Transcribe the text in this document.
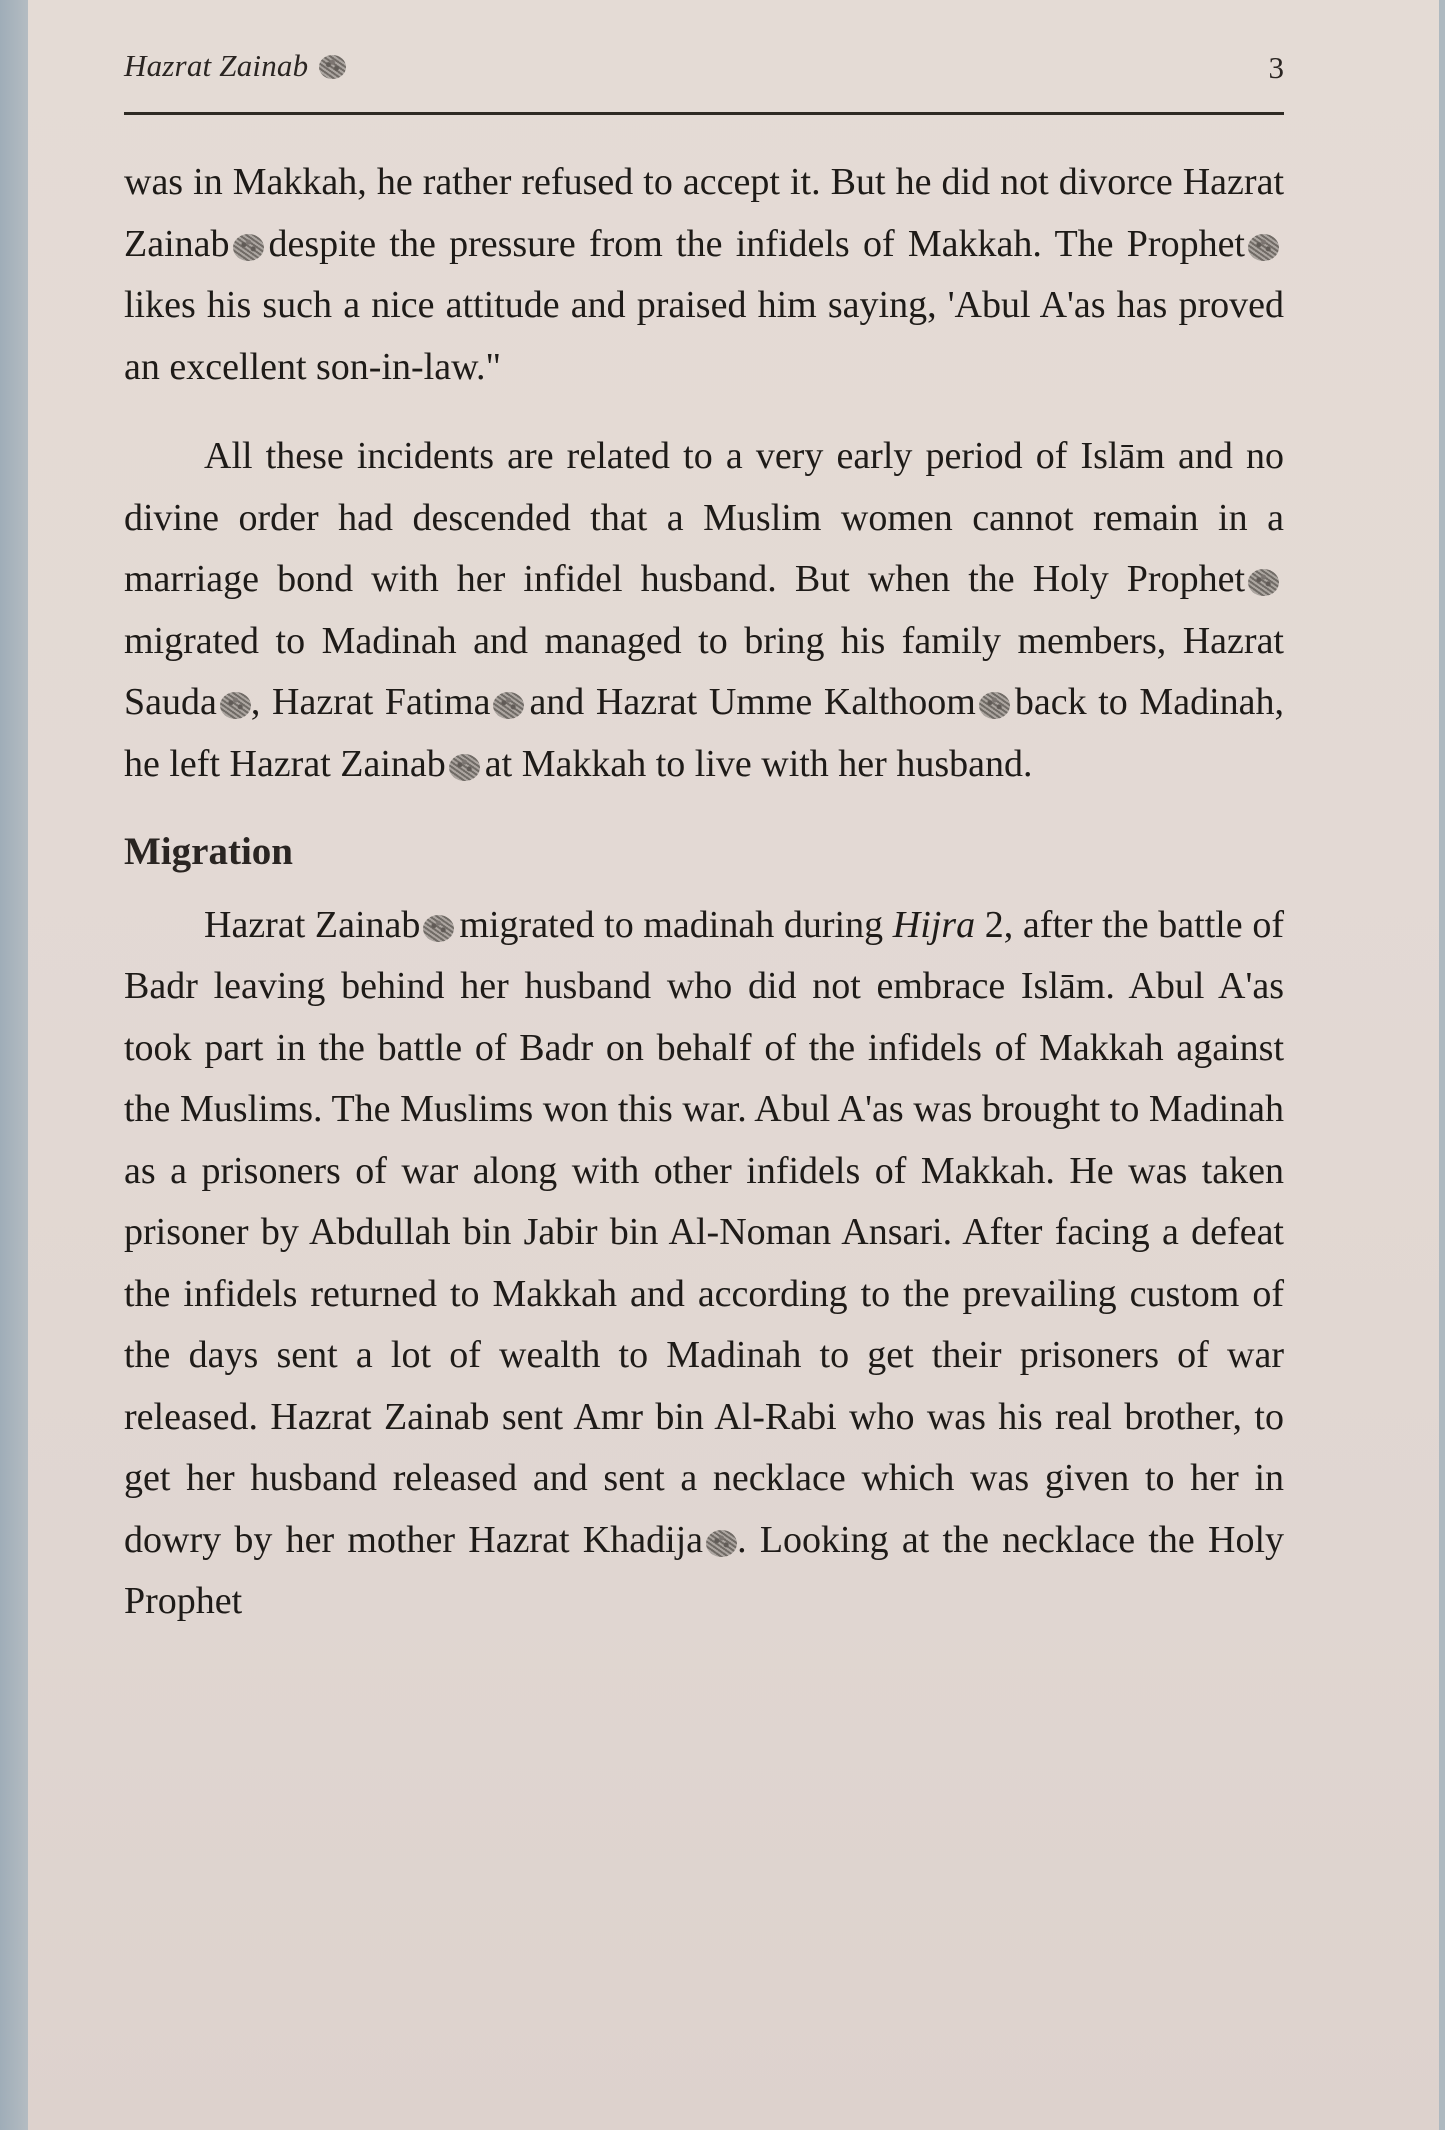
Hazrat Zainab	3

was in Makkah, he rather refused to accept it. But he did not divorce Hazrat Zainab despite the pressure from the infidels of Makkah. The Prophetlikes his such a nice attitude and praised him saying, 'Abul A'as has proved an excellent son-in-law."

All these incidents are related to a very early period of Islām and no divine order had descended that a Muslim women cannot remain in a marriage bond with her infidel husband. But when the Holy Prophetmigrated to Madinah and managed to bring his family members, Hazrat Sauda , Hazrat Fatima and Hazrat Umme Kalthoom back to Madinah, he left Hazrat Zainab at Makkah to live with her husband.

Migration

Hazrat Zainab migrated to madinah during Hijra 2, after the battle of Badr leaving behind her husband who did not embrace Islām. Abul A'as took part in the battle of Badr on behalf of the infidels of Makkah against the Muslims. The Muslims won this war. Abul A'as was brought to Madinah as a prisoners of war along with other infidels of Makkah. He was taken prisoner by Abdullah bin Jabir bin Al-Noman Ansari. After facing a defeat the infidels returned to Makkah and according to the prevailing custom of the days sent a lot of wealth to Madinah to get their prisoners of war released. Hazrat Zainab sent Amr bin Al-Rabi who was his real brother, to get her husband released and sent a necklace which was given to her in dowry by her mother Hazrat Khadija . Looking at the necklace the Holy Prophet
